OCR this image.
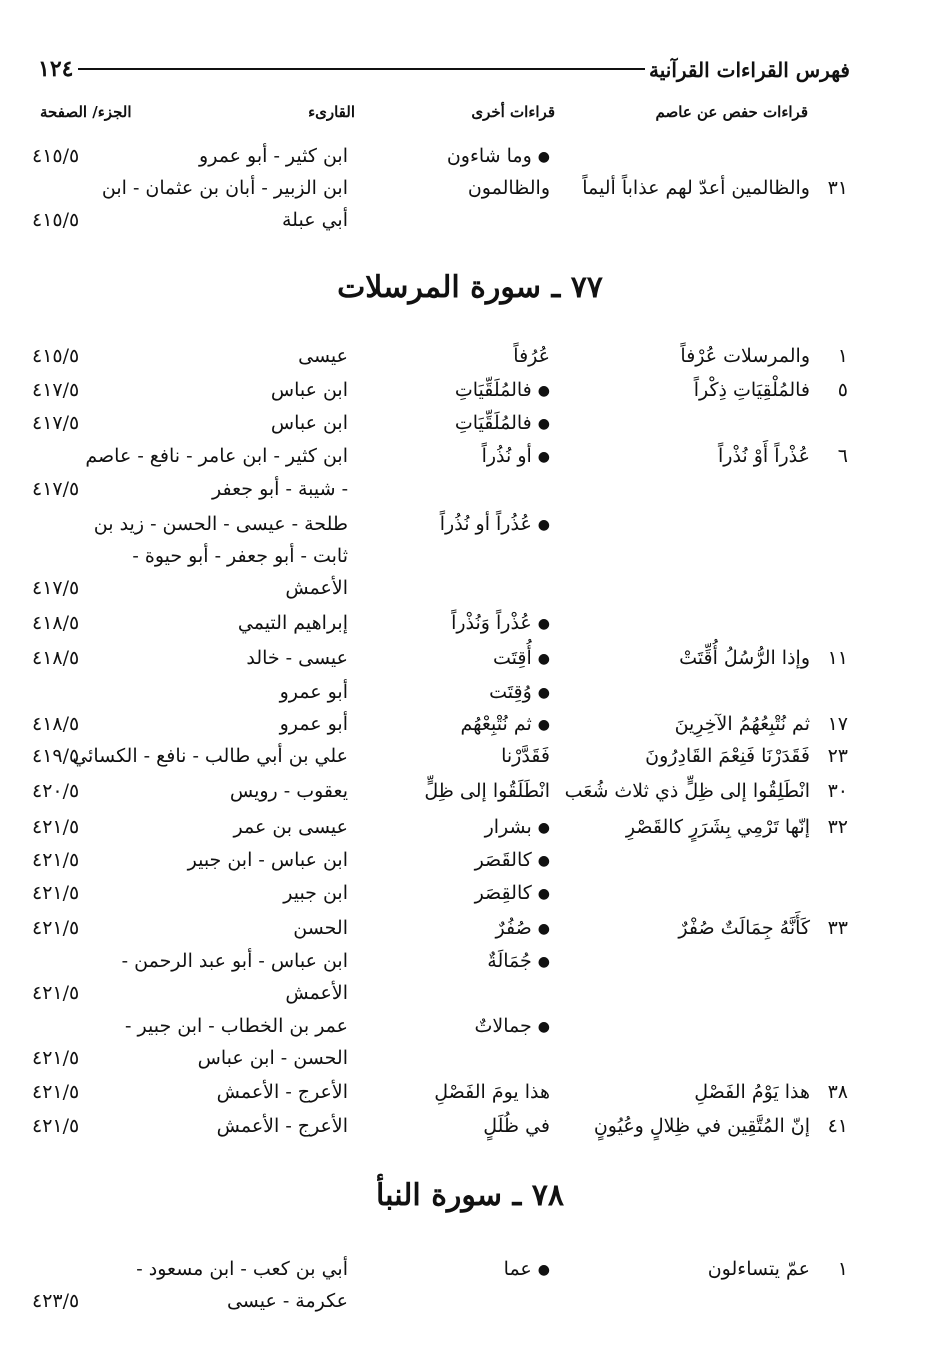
١٢٤	فهرس القراءات القرآنية
قراءات حفص عن عاصم
قراءات أخرى
القارىء
الجزء/ الصفحة
٧٧ ـ سورة المرسلات
٧٨ ـ سورة النبأ
●وما شاءون
ابن كثير - أبو عمرو
٤١٥/٥
٣١
والظالمين أعدّ لهم عذاباً أليماً
والظالمون
ابن الزبير - أبان بن عثمان - ابن
أبي عبلة
٤١٥/٥
١
والمرسلات عُرْفاً
عُرُفاً
عيسى
٤١٥/٥
٥
فالمُلْقِيَاتِ ذِكْراً
●فالمُلَقِّيَاتِ
ابن عباس
٤١٧/٥
●فالمُلَقِّيَاتِ
ابن عباس
٤١٧/٥
٦
عُذْراً أَوْ نُذْراً
●أو نُذُراً
ابن كثير - ابن عامر - نافع - عاصم
- شيبة - أبو جعفر
٤١٧/٥
●عُذُراً أو نُذُراً
طلحة - عيسى - الحسن - زيد بن
ثابت - أبو جعفر - أبو حيوة -
الأعمش
٤١٧/٥
●عُذْراً وَنُذْراً
إبراهيم التيمي
٤١٨/٥
١١
وإذا الرُّسُلُ أُقِّتَتْ
●أُقِتَت
عيسى - خالد
٤١٨/٥
●وُقِتَت
أبو عمرو
١٧
ثم نُتْبِعُهُمُ الآخِرِينَ
●ثم نُتْبِعْهُم
أبو عمرو
٤١٨/٥
٢٣
فَقَدَرْنَا فَنِعْمَ القَادِرُونَ
فَقَدَّرْنا
علي بن أبي طالب - نافع - الكسائي
٤١٩/٥
٣٠
انْطَلِقُوا إلى ظِلٍّ ذي ثلاث شُعَب
انْطَلَقُوا إلى ظِلٍّ
يعقوب - رويس
٤٢٠/٥
٣٢
إنّها تَرْمِي بِشَرَرٍ كالقَصْرِ
●بشرار
عيسى بن عمر
٤٢١/٥
●كالقَصَر
ابن عباس - ابن جبير
٤٢١/٥
●كالقِصَر
ابن جبير
٤٢١/٥
٣٣
كَأَنَّهُ جِمَالَتٌ صُفْرٌ
●صُفُرٌ
الحسن
٤٢١/٥
●جُمَالَةٌ
ابن عباس - أبو عبد الرحمن -
الأعمش
٤٢١/٥
●جمالاتٌ
عمر بن الخطاب - ابن جبير -
الحسن - ابن عباس
٤٢١/٥
٣٨
هذا يَوْمُ الفَصْلِ
هذا يومَ الفَصْلِ
الأعرج - الأعمش
٤٢١/٥
٤١
إنّ المُتَّقِين في ظِلالٍ وعُيُونٍ
في ظُلَلٍ
الأعرج - الأعمش
٤٢١/٥
١
عمّ يتساءلون
●عما
أبي بن كعب - ابن مسعود -
عكرمة - عيسى
٤٢٣/٥
